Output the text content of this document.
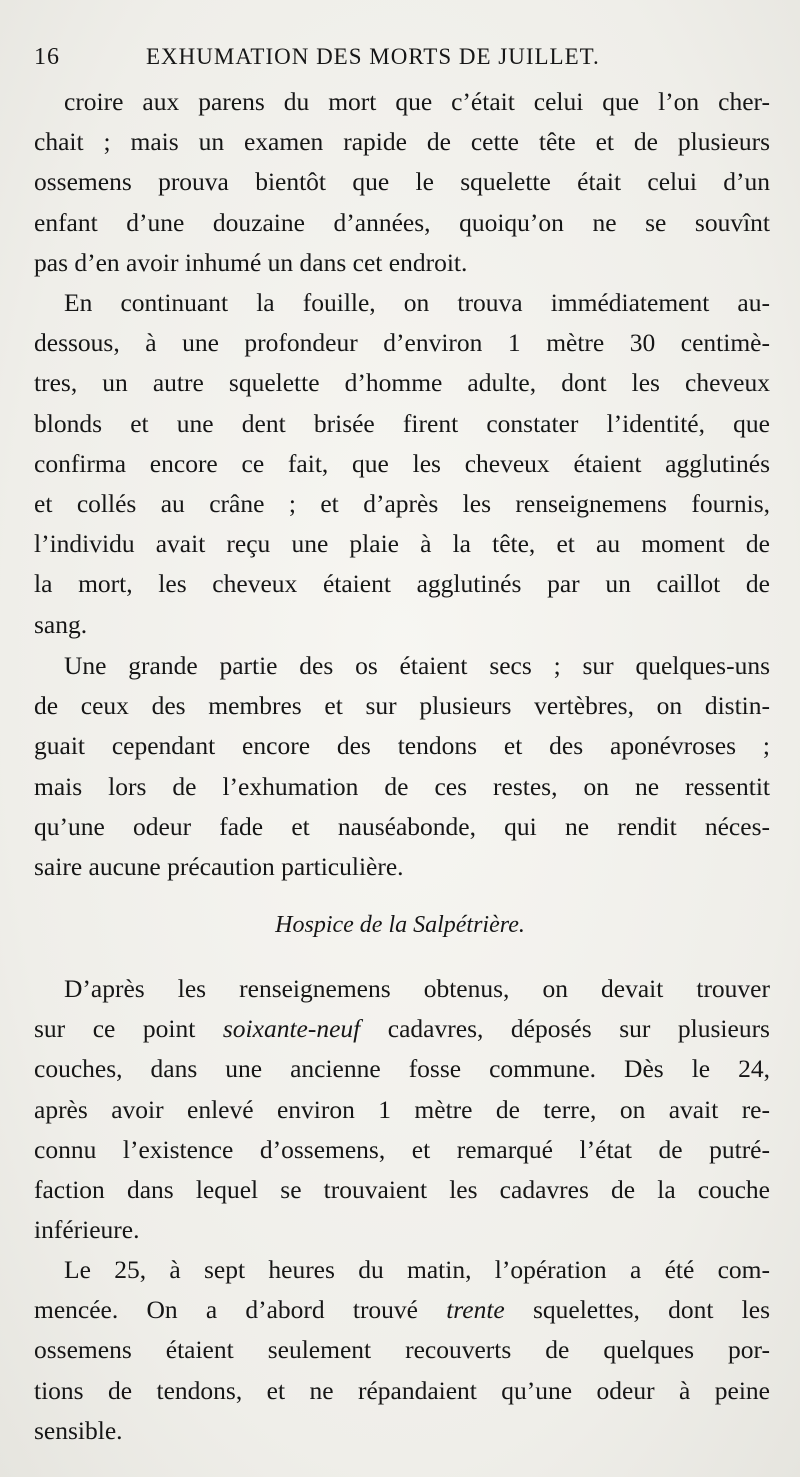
16	EXHUMATION DES MORTS DE JUILLET.
croire aux parens du mort que c’était celui que l’on cher-
chait ; mais un examen rapide de cette tête et de plusieurs
ossemens prouva bientôt que le squelette était celui d’un
enfant d’une douzaine d’années, quoiqu’on ne se souvînt
pas d’en avoir inhumé un dans cet endroit.
En continuant la fouille, on trouva immédiatement au-
dessous, à une profondeur d’environ 1 mètre 30 centimè-
tres, un autre squelette d’homme adulte, dont les cheveux
blonds et une dent brisée firent constater l’identité, que
confirma encore ce fait, que les cheveux étaient agglutinés
et collés au crâne ; et d’après les renseignemens fournis,
l’individu avait reçu une plaie à la tête, et au moment de
la mort, les cheveux étaient agglutinés par un caillot de
sang.
Une grande partie des os étaient secs ; sur quelques-uns
de ceux des membres et sur plusieurs vertèbres, on distin-
guait cependant encore des tendons et des aponévroses ;
mais lors de l’exhumation de ces restes, on ne ressentit
qu’une odeur fade et nauséabonde, qui ne rendit néces-
saire aucune précaution particulière.
Hospice de la Salpétrière.
D’après les renseignemens obtenus, on devait trouver
sur ce point soixante-neuf cadavres, déposés sur plusieurs
couches, dans une ancienne fosse commune. Dès le 24,
après avoir enlevé environ 1 mètre de terre, on avait re-
connu l’existence d’ossemens, et remarqué l’état de putré-
faction dans lequel se trouvaient les cadavres de la couche
inférieure.
Le 25, à sept heures du matin, l’opération a été com-
mencée. On a d’abord trouvé trente squelettes, dont les
ossemens étaient seulement recouverts de quelques por-
tions de tendons, et ne répandaient qu’une odeur à peine
sensible.
